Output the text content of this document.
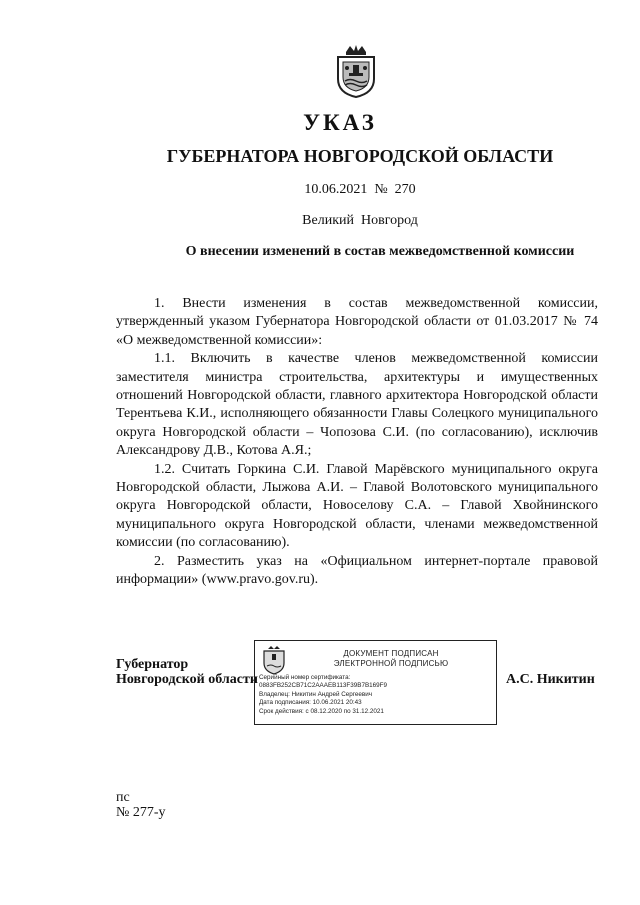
УКАЗ
ГУБЕРНАТОРА НОВГОРОДСКОЙ ОБЛАСТИ
10.06.2021  №  270
Великий  Новгород
О внесении изменений в состав межведомственной комиссии

1. Внести изменения в состав межведомственной комиссии, утвержденный указом Губернатора Новгородской области от 01.03.2017 № 74 «О межведомственной комиссии»:

1.1. Включить в качестве членов межведомственной комиссии заместителя министра строительства, архитектуры и имущественных отношений Новгородской области, главного архитектора Новгородской области Терентьева К.И., исполняющего обязанности Главы Солецкого муниципального округа Новгородской области – Чопозова С.И. (по согласованию), исключив Александрову Д.В., Котова А.Я.;

1.2. Считать Горкина С.И. Главой Марёвского муниципального округа Новгородской области, Лыжова А.И. – Главой Волотовского муниципального округа Новгородской области, Новоселову С.А. – Главой Хвойнинского муниципального округа Новгородской области, членами межведомственной комиссии (по согласованию).

2. Разместить указ на «Официальном интернет-портале правовой информации» (www.pravo.gov.ru).

Губернатор
Новгородской области
ДОКУМЕНТ ПОДПИСАН
ЭЛЕКТРОННОЙ ПОДПИСЬЮ
Серийный номер сертификата:
0883FB252CB71C2AAAEB113F39B7B169F9
Владелец: Никитин Андрей Сергеевич
Дата подписания: 10.06.2021 20:43
Срок действия: с 08.12.2020 по 31.12.2021
А.С. Никитин
пс
№ 277-у
